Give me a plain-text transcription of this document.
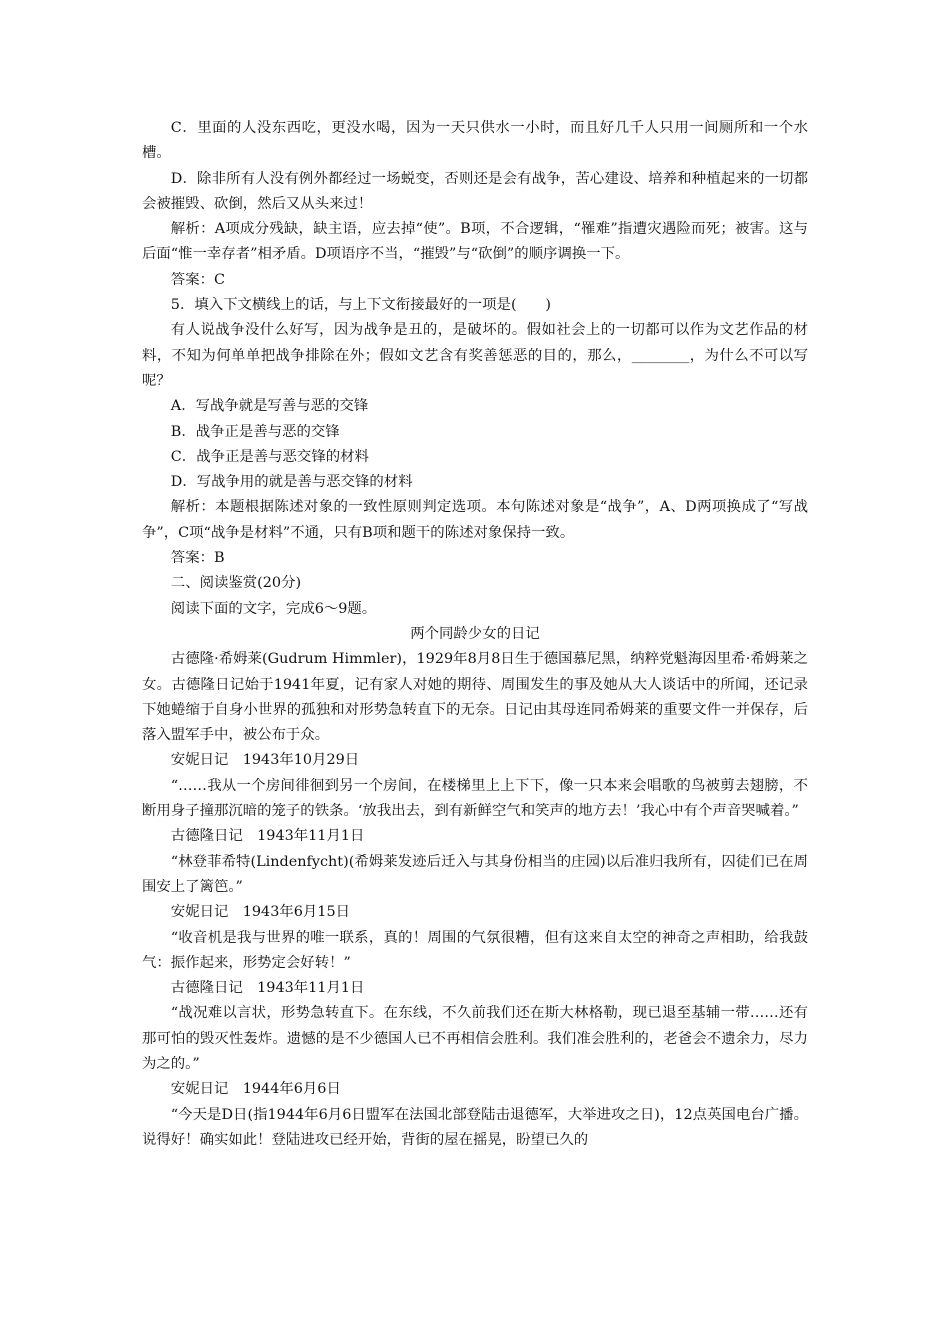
C．里面的人没东西吃，更没水喝，因为一天只供水一小时，而且好几千人只用一间厕所和一个水槽。

D．除非所有人没有例外都经过一场蜕变，否则还是会有战争，苦心建设、培养和种植起来的一切都会被摧毁、砍倒，然后又从头来过！

解析：A项成分残缺，缺主语，应去掉“使”。B项，不合逻辑，“罹难”指遭灾遇险而死；被害。这与后面“惟一幸存者”相矛盾。D项语序不当，“摧毁”与“砍倒”的顺序调换一下。

答案：C

5．填入下文横线上的话，与上下文衔接最好的一项是(　　)

有人说战争没什么好写，因为战争是丑的，是破坏的。假如社会上的一切都可以作为文艺作品的材料，不知为何单单把战争排除在外；假如文艺含有奖善惩恶的目的，那么，________，为什么不可以写呢？

A．写战争就是写善与恶的交锋

B．战争正是善与恶的交锋

C．战争正是善与恶交锋的材料

D．写战争用的就是善与恶交锋的材料

解析：本题根据陈述对象的一致性原则判定选项。本句陈述对象是“战争”，A、D两项换成了“写战争”，C项“战争是材料”不通，只有B项和题干的陈述对象保持一致。

答案：B

二、阅读鉴赏(20分)

阅读下面的文字，完成6～9题。

两个同龄少女的日记

古德隆·希姆莱(Gudrum Himmler)，1929年8月8日生于德国慕尼黑，纳粹党魁海因里希·希姆莱之女。古德隆日记始于1941年夏，记有家人对她的期待、周围发生的事及她从大人谈话中的所闻，还记录下她蜷缩于自身小世界的孤独和对形势急转直下的无奈。日记由其母连同希姆莱的重要文件一并保存，后落入盟军手中，被公布于众。

安妮日记　1943年10月29日

“……我从一个房间徘徊到另一个房间，在楼梯里上上下下，像一只本来会唱歌的鸟被剪去翅膀，不断用身子撞那沉暗的笼子的铁条。‘放我出去，到有新鲜空气和笑声的地方去！’我心中有个声音哭喊着。”

古德隆日记　1943年11月1日

“林登菲希特(Lindenfycht)(希姆莱发迹后迁入与其身份相当的庄园)以后准归我所有，囚徒们已在周围安上了篱笆。”

安妮日记　1943年6月15日

“收音机是我与世界的唯一联系，真的！周围的气氛很糟，但有这来自太空的神奇之声相助，给我鼓气：振作起来，形势定会好转！”

古德隆日记　1943年11月1日

“战况难以言状，形势急转直下。在东线，不久前我们还在斯大林格勒，现已退至基辅一带……还有那可怕的毁灭性轰炸。遗憾的是不少德国人已不再相信会胜利。我们准会胜利的，老爸会不遗余力，尽力为之的。”

安妮日记　1944年6月6日

“今天是D日(指1944年6月6日盟军在法国北部登陆击退德军，大举进攻之日)，12点英国电台广播。说得好！确实如此！登陆进攻已经开始，背街的屋在摇晃，盼望已久的
